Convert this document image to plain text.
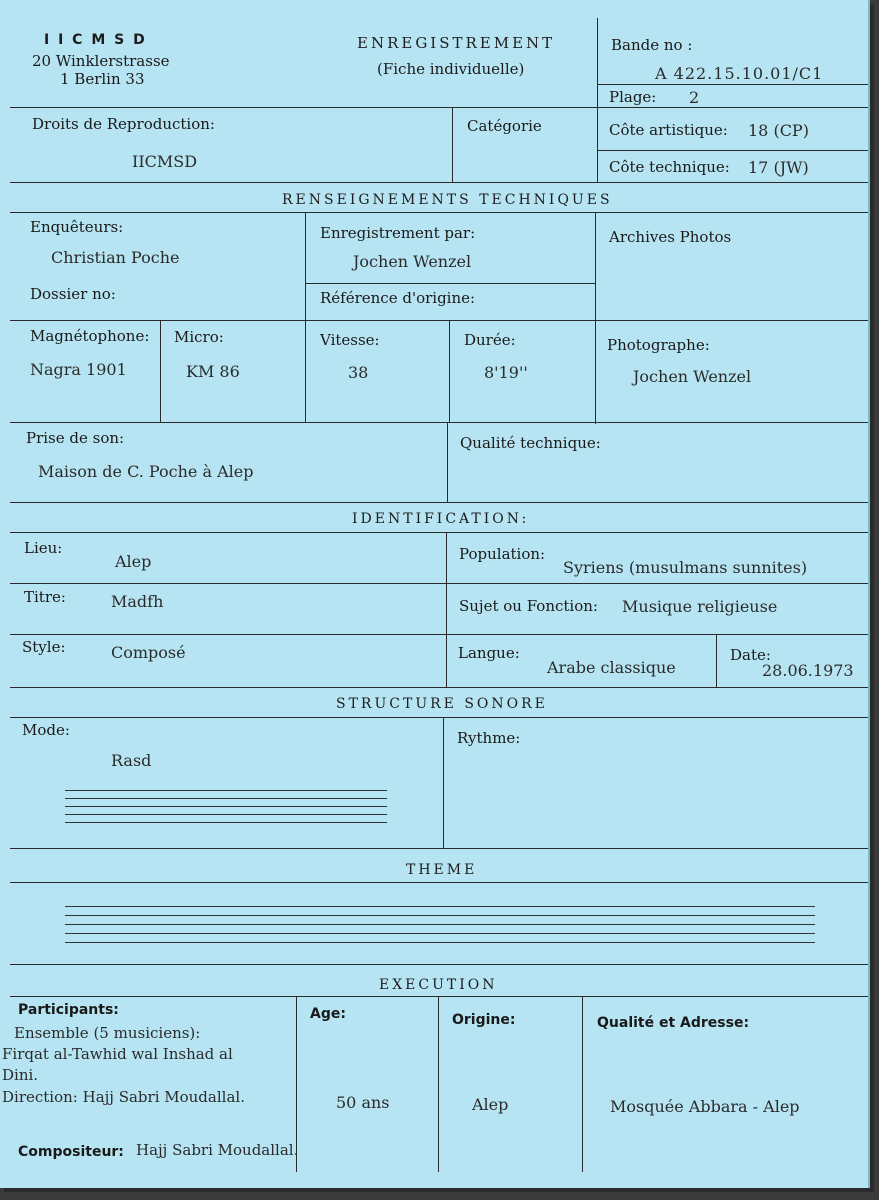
I I C M S D
20 Winklerstrasse
1 Berlin 33
ENREGISTREMENT
(Fiche individuelle)
Bande no :
A 422.15.10.01/C1
Plage: 2
Droits de Reproduction:
IICMSD
Catégorie	Côte artistique: 18 (CP)
Côte technique: 17 (JW)
RENSEIGNEMENTS TECHNIQUES
Enquêteurs:
Christian Poche
Enregistrement par:
Jochen Wenzel
Archives Photos
Dossier no:	Référence d'origine:
Magnétophone:
Nagra 1901
Micro:
KM 86
Vitesse:
38
Durée:
8'19''
Photographe:
Jochen Wenzel
Prise de son:
Maison de C. Poche à Alep
Qualité technique:
IDENTIFICATION:
Lieu:
Alep	Population:
Syriens (musulmans sunnites)
Titre:	Madfh	Sujet ou Fonction: Musique religieuse
Style:	Composé	Langue:
Arabe classique
Date:
28.06.1973
STRUCTURE SONORE
Mode:
Rasd
Rythme:
THEME
EXECUTION
Participants:
Ensemble (5 musiciens):
Firqat al-Tawhid wal Inshad al
Dini.
Direction: Hajj Sabri Moudallal.
Compositeur: Hajj Sabri Moudallal.
Age:
50 ans
Origine:
Alep
Qualité et Adresse:
Mosquée Abbara - Alep
